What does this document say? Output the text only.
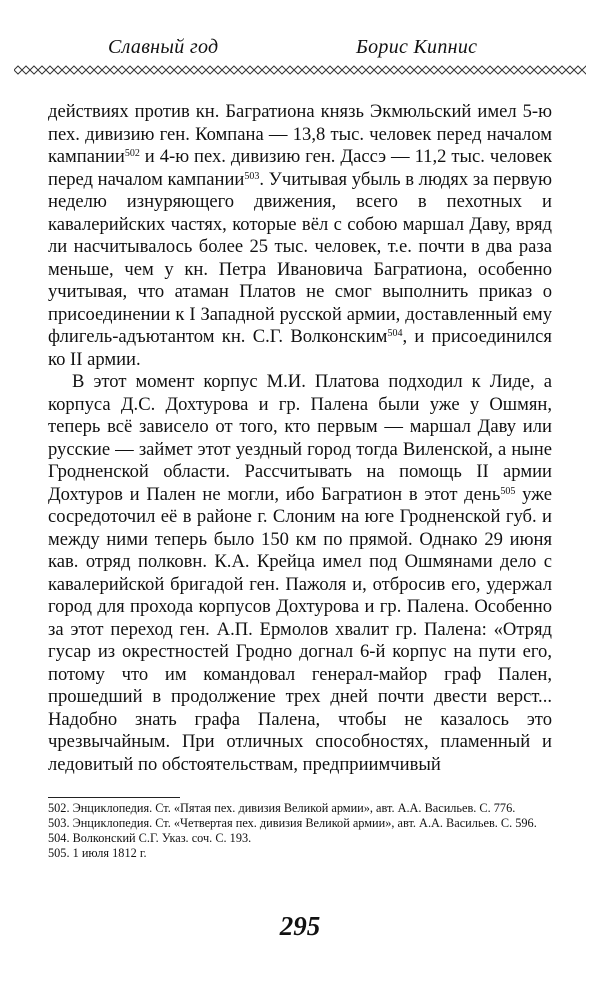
Славный год	Борис Кипнис

действиях против кн. Багратиона князь Экмюльский имел 5-ю пех. дивизию ген. Компана — 13,8 тыс. человек перед началом кампании$^{502}$ и 4-ю пех. дивизию ген. Дассэ — 11,2 тыс. человек перед началом кампании$^{503}$. Учитывая убыль в людях за первую неделю изнуряющего движения, всего в пехотных и кавалерийских частях, которые вёл с собою маршал Даву, вряд ли насчитывалось более 25 тыс. человек, т.е. почти в два раза меньше, чем у кн. Петра Ивановича Багратиона, особенно учитывая, что атаман Платов не смог выполнить приказ о присоединении к I Западной русской армии, доставленный ему флигель-адъютантом кн. С.Г. Волконским$^{504}$, и присоединился ко II армии.

В этот момент корпус М.И. Платова подходил к Лиде, а корпуса Д.С. Дохтурова и гр. Палена были уже у Ошмян, теперь всё зависело от того, кто первым — маршал Даву или русские — займет этот уездный город тогда Виленской, а ныне Гродненской области. Рассчитывать на помощь II армии Дохтуров и Пален не могли, ибо Багратион в этот день$^{505}$ уже сосредоточил её в районе г. Слоним на юге Гродненской губ. и между ними теперь было 150 км по прямой. Однако 29 июня кав. отряд полковн. К.А. Крейца имел под Ошмянами дело с кавалерийской бригадой ген. Пажоля и, отбросив его, удержал город для прохода корпусов Дохтурова и гр. Палена. Особенно за этот переход ген. А.П. Ермолов хвалит гр. Палена: «Отряд гусар из окрестностей Гродно догнал 6-й корпус на пути его, потому что им командовал генерал-майор граф Пален, прошедший в продолжение трех дней почти двести верст... Надобно знать графа Палена, чтобы не казалось это чрезвычайным. При отличных способностях, пламенный и ледовитый по обстоятельствам, предприимчивый

502. Энциклопедия. Ст. «Пятая пех. дивизия Великой армии», авт. А.А. Васильев. С. 776.

503. Энциклопедия. Ст. «Четвертая пех. дивизия Великой армии», авт. А.А. Васильев. С. 596.

504. Волконский С.Г. Указ. соч. С. 193.

505. 1 июля 1812 г.

295
